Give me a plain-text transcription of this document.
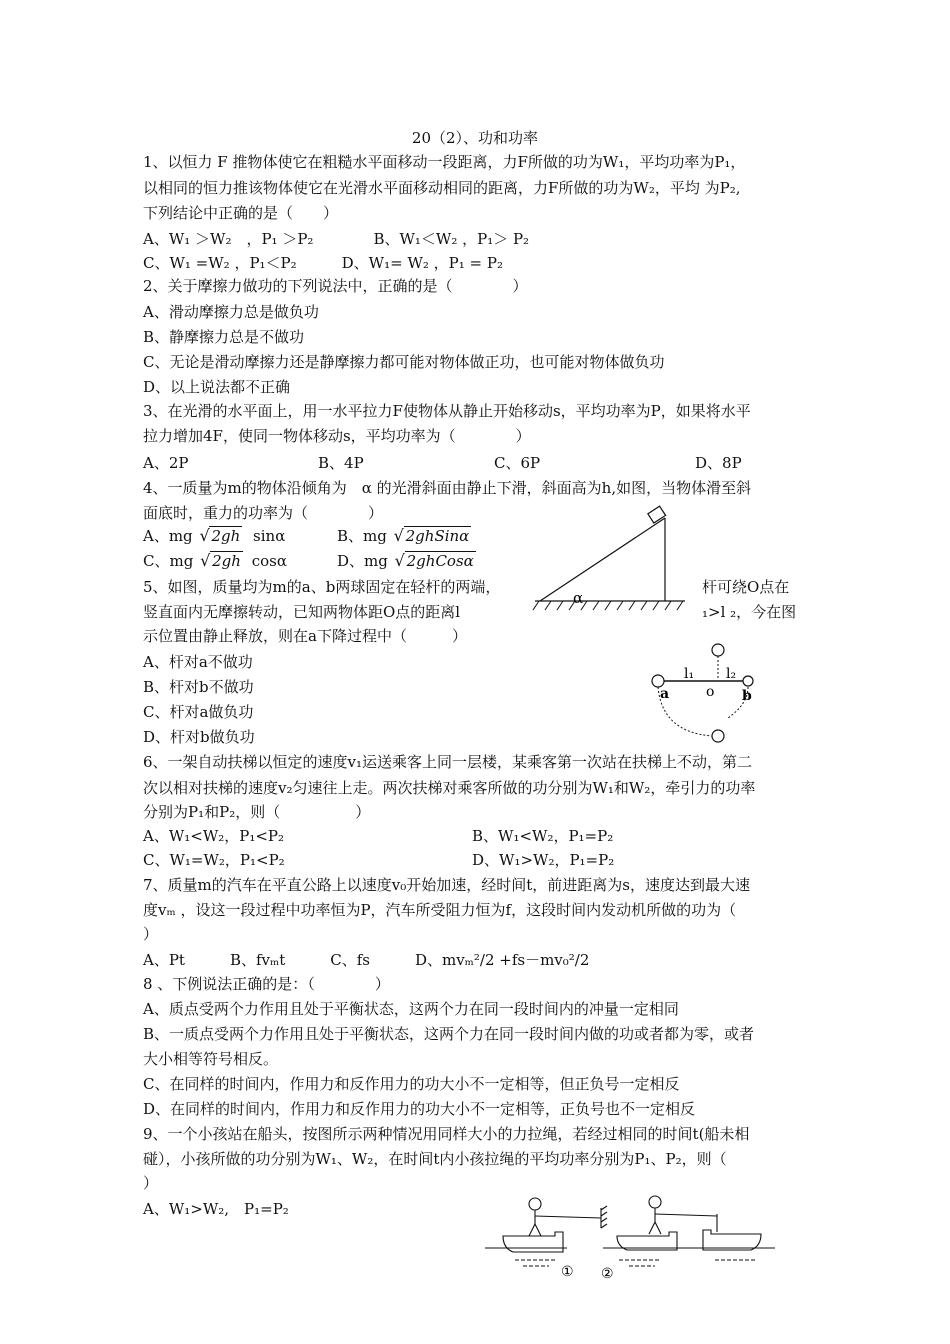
20（2）、功和功率
1、以恒力 F 推物体使它在粗糙水平面移动一段距离，力F所做的功为W₁，平均功率为P₁，
以相同的恒力推该物体使它在光滑水平面移动相同的距离，力F所做的功为W₂，平均 为P₂,
下列结论中正确的是（　　）
A、W₁ ＞W₂　，P₁ ＞P₂　　　　B、W₁＜W₂ ，P₁＞ P₂
C、W₁ =W₂ ，P₁＜P₂　　　D、W₁= W₂ ，P₁ = P₂
2、关于摩擦力做功的下列说法中，正确的是（　　　　）
A、滑动摩擦力总是做负功
B、静摩擦力总是不做功
C、无论是滑动摩擦力还是静摩擦力都可能对物体做正功，也可能对物体做负功
D、以上说法都不正确
3、在光滑的水平面上，用一水平拉力F使物体从静止开始移动s，平均功率为P，如果将水平
拉力增加4F，使同一物体移动s，平均功率为（　　　　）
A、2P	B、4P	C、6P	D、8P
4、一质量为m的物体沿倾角为　α 的光滑斜面由静止下滑，斜面高为h,如图，当物体滑至斜
面底时，重力的功率为（　　　　）
A、mg √ 2gh sinα	B、mg √ 2ghSinα
C、mg √ 2gh cosα	D、mg √ 2ghCosα
α
5、如图，质量均为m的a、b两球固定在轻杆的两端，	杆可绕O点在
竖直面内无摩擦转动，已知两物体距O点的距离l	₁>l ₂，今在图
示位置由静止释放，则在a下降过程中（　　　）
A、杆对a不做功
B、杆对b不做功
C、杆对a做负功
D、杆对b做负功
l₁ l₂
a	o b
6、一架自动扶梯以恒定的速度v₁运送乘客上同一层楼，某乘客第一次站在扶梯上不动，第二
次以相对扶梯的速度v₂匀速往上走。两次扶梯对乘客所做的功分别为W₁和W₂，牵引力的功率
分别为P₁和P₂，则（　　　　　）
A、W₁<W₂，P₁<P₂	B、W₁<W₂，P₁=P₂
C、W₁=W₂，P₁<P₂	D、W₁>W₂，P₁=P₂
7、质量m的汽车在平直公路上以速度v₀开始加速，经时间t，前进距离为s，速度达到最大速
度vₘ ，设这一段过程中功率恒为P，汽车所受阻力恒为f，这段时间内发动机所做的功为（
）
A、Pt　　　B、fvₘt　　　C、fs　　　D、mvₘ²/2 +fs－mv₀²/2
8 、下例说法正确的是：（　　　　）
A、质点受两个力作用且处于平衡状态，这两个力在同一段时间内的冲量一定相同
B、一质点受两个力作用且处于平衡状态，这两个力在同一段时间内做的功或者都为零，或者
大小相等符号相反。
C、在同样的时间内，作用力和反作用力的功大小不一定相等，但正负号一定相反
D、在同样的时间内，作用力和反作用力的功大小不一定相等，正负号也不一定相反
9、一个小孩站在船头，按图所示两种情况用同样大小的力拉绳，若经过相同的时间t(船未相
碰），小孩所做的功分别为W₁、W₂，在时间t内小孩拉绳的平均功率分别为P₁、P₂，则（
）
A、W₁>W₂,　P₁=P₂
① ②
